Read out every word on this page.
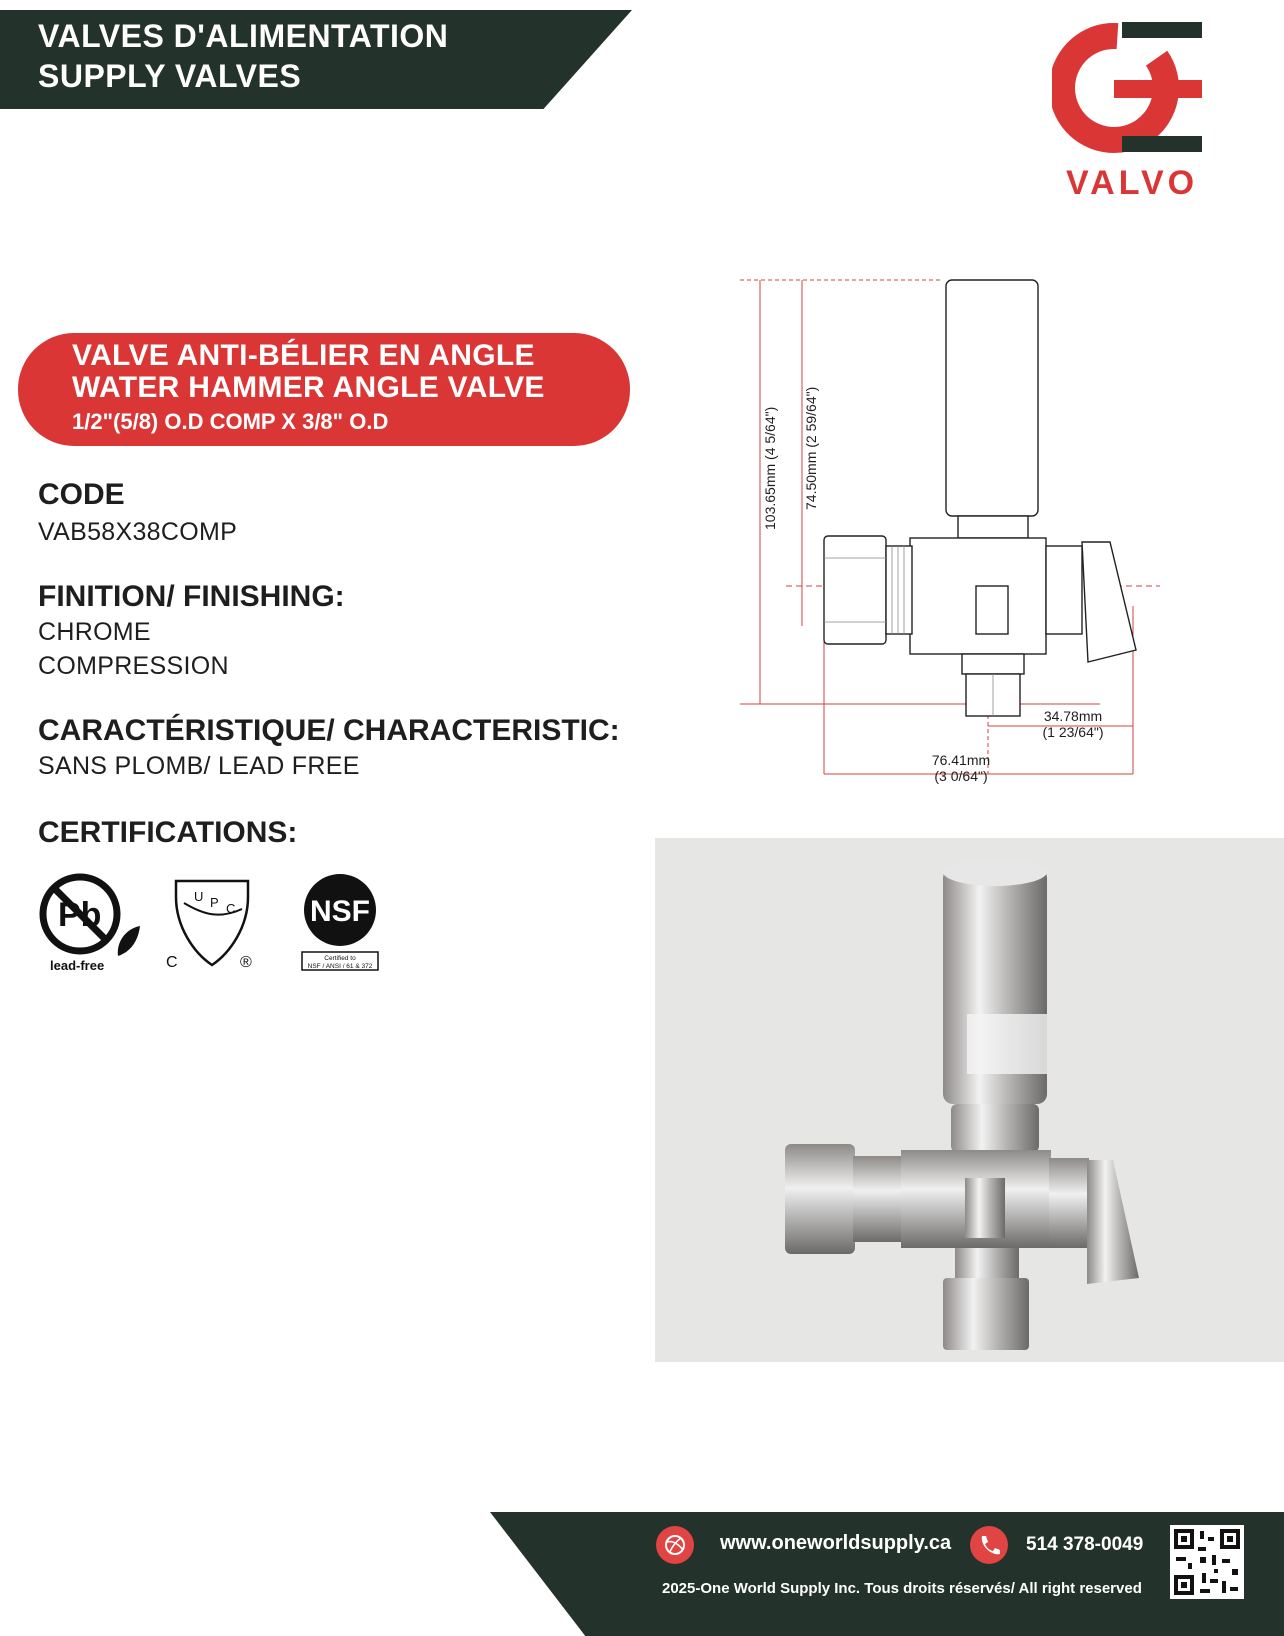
VALVES D'ALIMENTATION
SUPPLY VALVES
VALVO
VALVE ANTI-BÉLIER EN ANGLE
WATER HAMMER ANGLE VALVE
1/2"(5/8) O.D COMP X 3/8" O.D
CODE
VAB58X38COMP
FINITION/ FINISHING:
CHROME
COMPRESSION
CARACTÉRISTIQUE/ CHARACTERISTIC:
SANS PLOMB/ LEAD FREE
CERTIFICATIONS:
Pb
lead-free
U P C
C	®
NSF
Certified to
NSF / ANSI / 61 & 372
103.65mm (4 5/64") 74.50mm (2 59/64")
34.78mm
(1 23/64")
76.41mm
(3 0/64")
www.oneworldsupply.ca	514 378-0049
2025-One World Supply Inc. Tous droits réservés/ All right reserved
